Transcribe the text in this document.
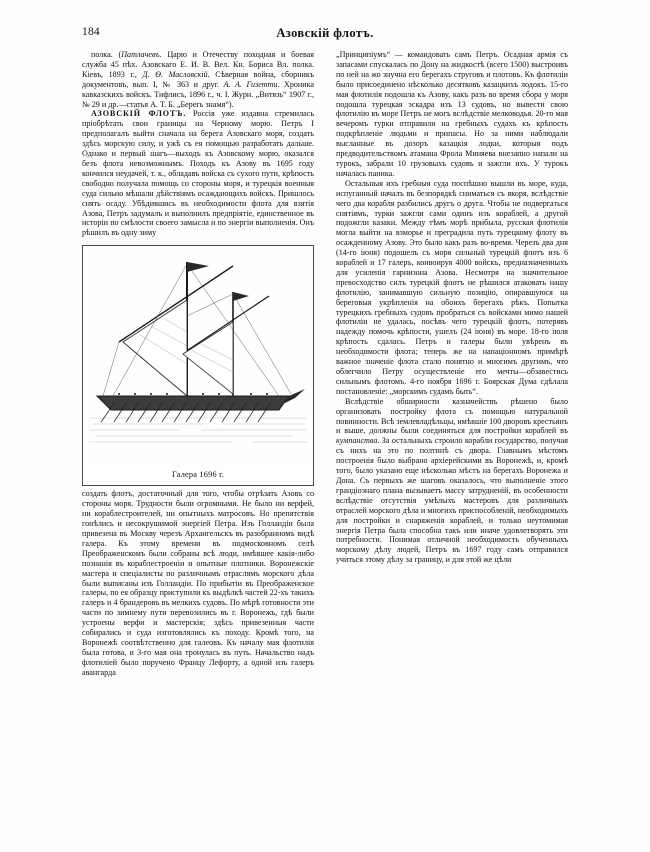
184	Азовскій флотъ.

полка. (Патлачевъ. Царю и Отечеству походная и боевая служба 45 пѣх. Азовскаго Е. И. В. Вел. Кн. Бориса Вл. полка. Кіевъ, 1893 г., Д. Ѳ. Масловскій. Сѣверная война, сборникъ документовъ, вып. I, № 363 и друг. А. А. Гизетти. Хроника кавказскихъ войскъ. Тифлисъ, 1896 г., ч. I. Журн. „Витязь“ 1907 г., № 29 и др.—статья А. Т. Б. „Берегь знамя“).

АЗОВСКІЙ ФЛОТЪ. Россія уже издавна стремилась пріобрѣтать свои границы на Черному морю. Петръ I предполагалъ выйти сначала на берега Азовскаго моря, создать здѣсь морскую силу, и ужѣ съ ея помощью разработать дальше. Однако и первый шагъ—выходъ къ Азовскому морю, оказался безъ флота невозможнымъ. Походъ къ Азову въ 1695 году кончился неудачей, т. к., обладавъ войска съ сухого пути, крѣпость свободно получала помощь со стороны моря, и турецкія военныя суда сильно мѣшали дѣйствіямъ осаждающихъ войскъ. Пришлось снять осаду. Убѣдившись въ необходимости флота для взятія Азова, Петръ задумалъ и выполнилъ предпріятіе, единственное въ исторіи по смѣлости своего замысла и по энергіи выполненія. Онъ рѣшилъ въ одну зиму

Галера 1696 г.

создать флотъ, достаточный для того, чтобы отрѣзать Азовъ со стороны моря. Трудности были огромными. Не было ни верфей, ни кораблестроителей, ни опытныхъ матросовъ. Но препятствія гонѣлись и несокрушимой энергіей Петра. Изъ Голландіи была привезена въ Москву черезъ Архангельскъ въ разобранномъ видѣ галера. Къ этому времени въ подмосковномъ селѣ Преображенскомъ были собраны всѣ люди, имѣвшее какія-либо познанія въ кораблестроеніи и опытные плотники. Воронежскіе мастера и спеціалисты по различнымъ отраслямъ морского дѣла были выписаны изъ Голландіи. По прибытіи въ Преображенское галеры, по ея образцу приступили къ выдѣлкѣ частей 22-хъ такихъ галеръ и 4 брандеровъ въ мелкихъ судовъ. По мѣрѣ готовности эти части по зимнему пути перевозились въ г. Воронежъ, гдѣ были устроены верфи и мастерскія; здѣсь привезенныя части собирались и суда изготовлялись къ походу. Кромѣ того, на Воронежѣ соотвѣтственно для галеовъ. Къ началу мая флотилія была готова, и 3-го мая она тронулась въ путь. Начальство надъ флотиліей было поручено Францу Лефорту, а одной изъ галеръ авангарда

„Принципіумъ“ — командовать самъ Петръ. Осадная армія съ запасами спускалась по Дону на жидкостѣ (всего 1500) выстроивъ по ней на жо знучна его берегахъ струговъ и плотовъ. Къ флотиліи было присоединено нѣсколько десятковъ казацкихъ лодокъ. 15-го мая флотилія подошла къ Азову, какъ разъ во время сбора у моря подошла турецкая эскадра изъ 13 судовъ, но вывести свою флотилію въ море Петръ не могъ вслѣдствіе мелководья. 20-го мая вечеромъ турки отправили на гребныхъ судахъ къ крѣпость подкрѣпленіе людьми и припасы. Но за ними наблюдали высланные въ дозоръ казацкія лодки, которыя подъ предводительствомъ атамана Фрола Миняева внезапно напали на турокъ, забрали 10 грузовыхъ судовъ и зажгли ихъ. У турокъ началась паника.

Остальныя ихъ гребныя суда поспѣшно вышли въ море, куда, испуганный началъ въ безпорядкѣ сниматься съ якоря, вслѣдствіе чего два корабля разбились другъ о друга. Чтобы не подвергаться снятіямъ, турки зажгли сами одинъ изъ кораблей, а другой подожгли казаки. Между тѣмъ морѣ прибыла, русская флотилія могла выйти на взморье и преградила путь турецкому флоту въ осажденному Азову. Это было какъ разъ во-время. Черезъ два дня (14-го іюня) подошелъ съ моря сильный турецкій флотъ изъ 6 кораблей и 17 галеръ, конвоируя 4000 войскъ, предназначенныхъ для усиленія гарнизона Азова. Несмотря на значительное превосходство силъ турецкій флотъ не рѣшился атаковать нашу флотилію, занимавшую сильную позицію, опиравшуюся на береговыя укрѣпленія на обоихъ берегахъ рѣкъ. Попытка турецкихъ гребныхъ судовъ пробраться съ войсками мимо нашей флотиліи не удалась, посѣвъ чего турецкій флотъ, потерявъ надежду помочь крѣпости, ушелъ (24 іюня) въ море. 18-го іюля крѣпость сдалась. Петръ и галеры были увѣренъ въ необходимости флота; теперь же на напаціонномъ примѣрѣ важное значеніе флота стало понятно и многимъ другимъ, что облегчило Петру осуществленіе его мечты—обзавестись сильнымъ флотомъ. 4-го ноября 1696 г. Боярская Дума сдѣлала постановленіе: „морскимъ судамъ быть“.

Вслѣдствіе обширности казначействъ рѣшено было организовать постройку флота съ помощью натуральной повинности. Всѣ землевладѣльцы, имѣвшіе 100 дворовъ крестьянъ и выше, должны были соединяться для постройки кораблей въ кумпанства. За остальныхъ строило корабли государство, получая съ нихъ на это по полтинѣ съ двора. Главнымъ мѣстомъ построенія было выбрано архіерейскими въ Воронежѣ, и, кромѣ того, было указано еще нѣсколько мѣстъ на берегахъ Воронежа и Дона. Съ первыхъ же шаговъ оказалось, что выполненіе этого грандіознаго плана вызываетъ массу затрудненій, въ особенности вслѣдствіе отсутствія умѣлыхъ мастеровъ для различныхъ отраслей морского дѣла и многихъ приспособленій, необходимыхъ для постройки и снаряженія кораблей, и только неутомимая энергія Петра была способна такъ или иначе удовлетворять эти потребности. Понимая отличной необходимость обученныхъ морскому дѣлу людей, Петръ въ 1697 году самъ отправился учиться этому дѣлу за границу, и для этой же цѣли
